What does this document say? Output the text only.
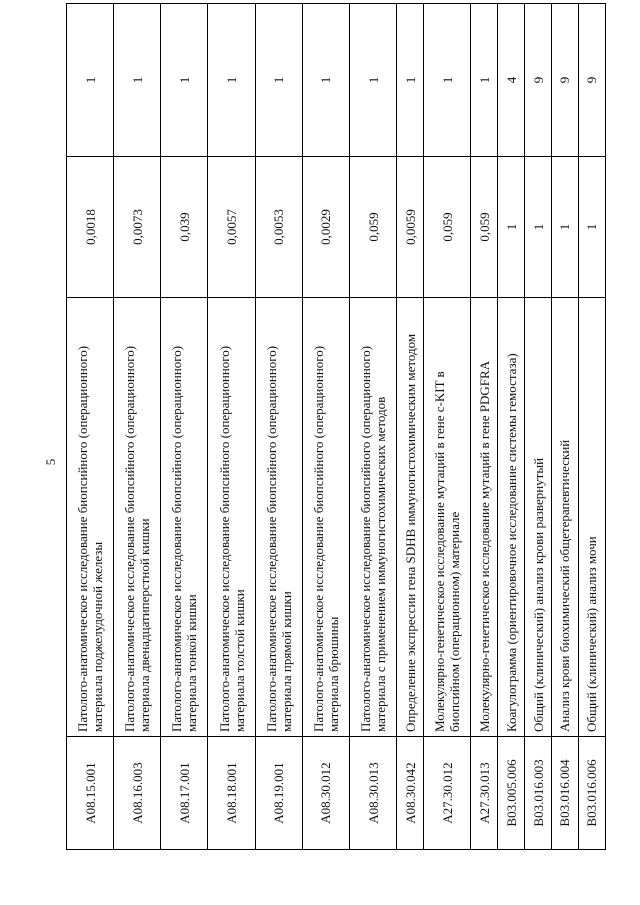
5
A08.15.001	Патолого-анатомическое исследование биопсийного (операционного) материала поджелудочной железы	0,0018	1
A08.16.003	Патолого-анатомическое исследование биопсийного (операционного) материала двенадцатиперстной кишки	0,0073	1
A08.17.001	Патолого-анатомическое исследование биопсийного (операционного) материала тонкой кишки	0,039	1
A08.18.001	Патолого-анатомическое исследование биопсийного (операционного) материала толстой кишки	0,0057	1
A08.19.001	Патолого-анатомическое исследование биопсийного (операционного) материала прямой кишки	0,0053	1
A08.30.012	Патолого-анатомическое исследование биопсийного (операционного) материала брюшины	0,0029	1
A08.30.013	Патолого-анатомическое исследование биопсийного (операционного) материала с применением иммуногистохимических методов	0,059	1
A08.30.042	Определение экспрессии гена SDHB иммуногистохимическим методом	0,0059	1
A27.30.012	Молекулярно-генетическое исследование мутаций в гене c-KIT в биопсийном (операционном) материале	0,059	1
A27.30.013	Молекулярно-генетическое исследование мутаций в гене PDGFRA	0,059	1
B03.005.006	Коагулограмма (ориентировочное исследование системы гемостаза)	1	4
B03.016.003	Общий (клинический) анализ крови развернутый	1	9
B03.016.004	Анализ крови биохимический общетерапевтический	1	9
B03.016.006	Общий (клинический) анализ мочи	1	9
